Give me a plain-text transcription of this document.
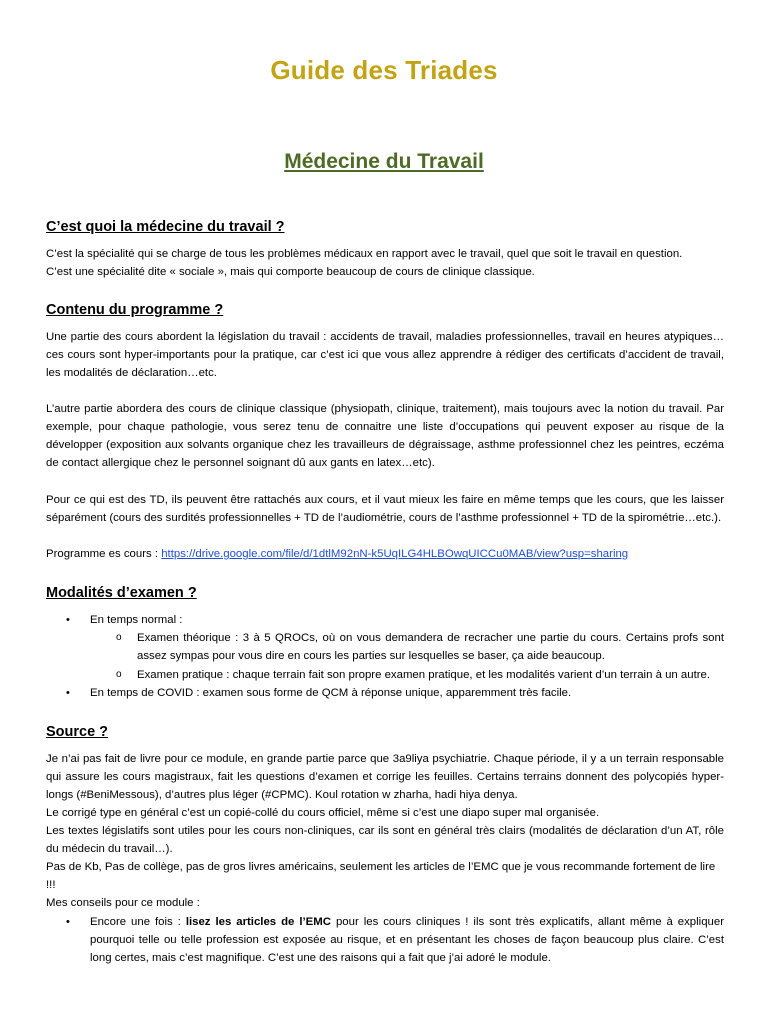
Guide des Triades
Médecine du Travail
C’est quoi la médecine du travail ?

C’est la spécialité qui se charge de tous les problèmes médicaux en rapport avec le travail, quel que soit le travail en question.

C’est une spécialité dite « sociale », mais qui comporte beaucoup de cours de clinique classique.

Contenu du programme ?

Une partie des cours abordent la législation du travail : accidents de travail, maladies professionnelles, travail en heures atypiques… ces cours sont hyper-importants pour la pratique, car c’est ici que vous allez apprendre à rédiger des certificats d’accident de travail, les modalités de déclaration…etc.

L’autre partie abordera des cours de clinique classique (physiopath, clinique, traitement), mais toujours avec la notion du travail. Par exemple, pour chaque pathologie, vous serez tenu de connaitre une liste d’occupations qui peuvent exposer au risque de la développer (exposition aux solvants organique chez les travailleurs de dégraissage, asthme professionnel chez les peintres, eczéma de contact allergique chez le personnel soignant dû aux gants en latex…etc).

Pour ce qui est des TD, ils peuvent être rattachés aux cours, et il vaut mieux les faire en même temps que les cours, que les laisser séparément (cours des surdités professionnelles + TD de l’audiométrie, cours de l’asthme professionnel + TD de la spirométrie…etc.).

Programme es cours : https://drive.google.com/file/d/1dtlM92nN-k5UqILG4HLBOwqUICCu0MAB/view?usp=sharing

Modalités d’examen ?
• En temps normal :

o Examen théorique : 3 à 5 QROCs, où on vous demandera de recracher une partie du cours. Certains profs sont assez sympas pour vous dire en cours les parties sur lesquelles se baser, ça aide beaucoup.

o Examen pratique : chaque terrain fait son propre examen pratique, et les modalités varient d’un terrain à un autre.

• En temps de COVID : examen sous forme de QCM à réponse unique, apparemment très facile.

Source ?

Je n’ai pas fait de livre pour ce module, en grande partie parce que 3a9liya psychiatrie. Chaque période, il y a un terrain responsable qui assure les cours magistraux, fait les questions d’examen et corrige les feuilles. Certains terrains donnent des polycopiés hyper-longs (#BeniMessous), d’autres plus léger (#CPMC). Koul rotation w zharha, hadi hiya denya.

Le corrigé type en général c’est un copié-collé du cours officiel, même si c’est une diapo super mal organisée.

Les textes législatifs sont utiles pour les cours non-cliniques, car ils sont en général très clairs (modalités de déclaration d’un AT, rôle du médecin du travail…).

Pas de Kb, Pas de collège, pas de gros livres américains, seulement les articles de l’EMC que je vous recommande fortement de lire !!!

Mes conseils pour ce module :

• Encore une fois : lisez les articles de l’EMC pour les cours cliniques ! ils sont très explicatifs, allant même à expliquer pourquoi telle ou telle profession est exposée au risque, et en présentant les choses de façon beaucoup plus claire. C’est long certes, mais c’est magnifique. C’est une des raisons qui a fait que j’ai adoré le module.
